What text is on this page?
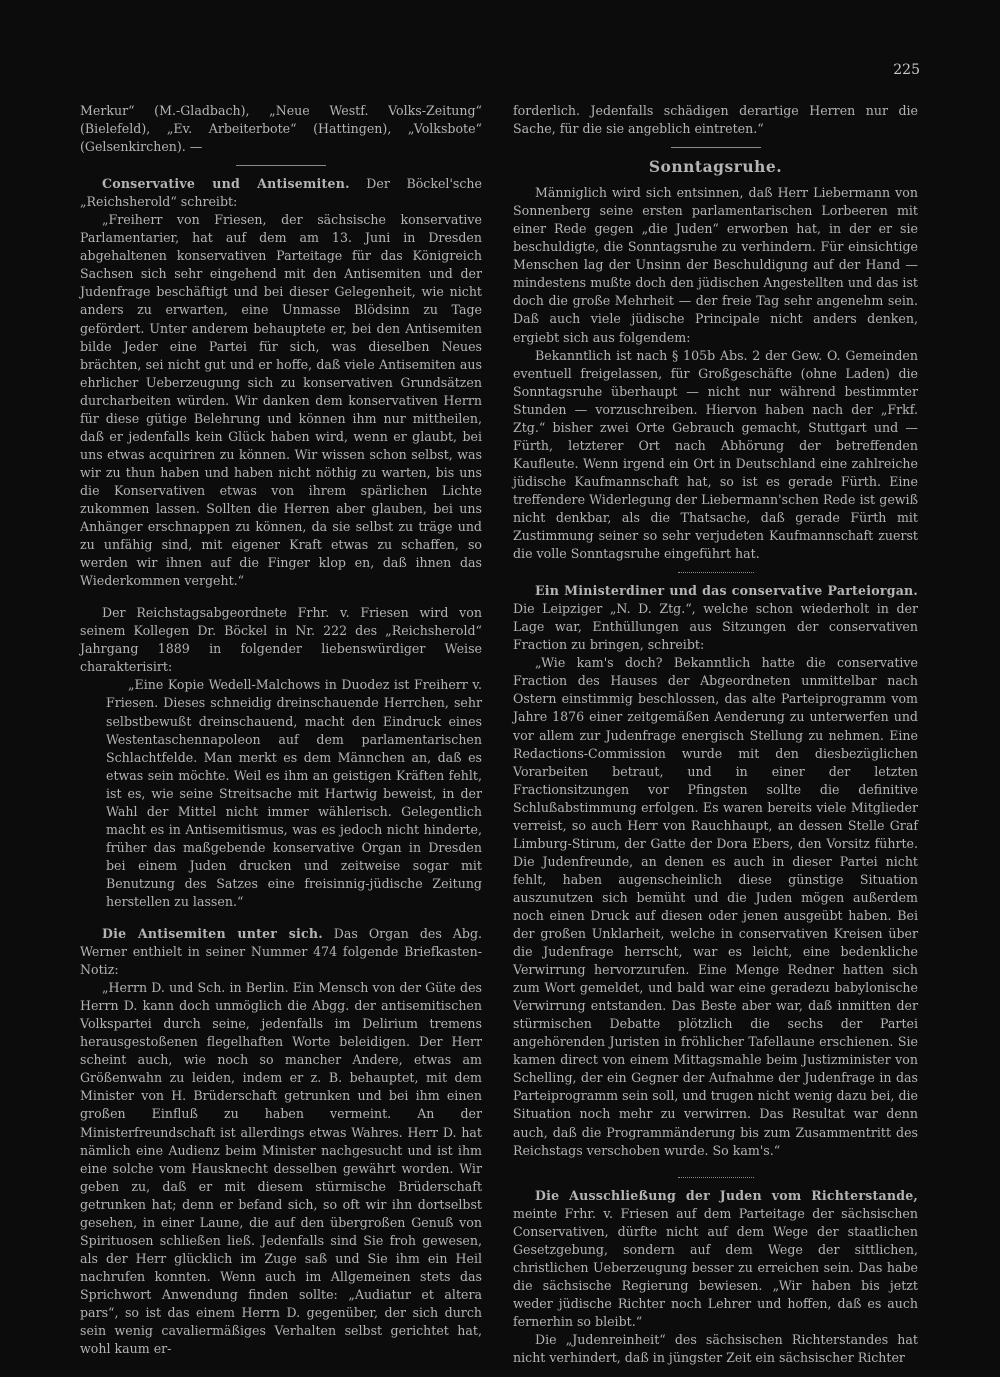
225

Merkur“ (M.-Gladbach), „Neue Westf. Volks-Zeitung“ (Bielefeld), „Ev. Arbeiterbote“ (Hattingen), „Volksbote“ (Gelsenkirchen). —

Conservative und Antisemiten. Der Böckel'sche „Reichsherold“ schreibt:

„Freiherr von Friesen, der sächsische konservative Parlamentarier, hat auf dem am 13. Juni in Dresden abgehaltenen konservativen Parteitage für das Königreich Sachsen sich sehr eingehend mit den Antisemiten und der Judenfrage beschäftigt und bei dieser Gelegenheit, wie nicht anders zu erwarten, eine Unmasse Blödsinn zu Tage gefördert. Unter anderem behauptete er, bei den Antisemiten bilde Jeder eine Partei für sich, was dieselben Neues brächten, sei nicht gut und er hoffe, daß viele Antisemiten aus ehrlicher Ueberzeugung sich zu konservativen Grundsätzen durcharbeiten würden. Wir danken dem konservativen Herrn für diese gütige Belehrung und können ihm nur mittheilen, daß er jedenfalls kein Glück haben wird, wenn er glaubt, bei uns etwas acquiriren zu können. Wir wissen schon selbst, was wir zu thun haben und haben nicht nöthig zu warten, bis uns die Konservativen etwas von ihrem spärlichen Lichte zukommen lassen. Sollten die Herren aber glauben, bei uns Anhänger erschnappen zu können, da sie selbst zu träge und zu unfähig sind, mit eigener Kraft etwas zu schaffen, so werden wir ihnen auf die Finger klop en, daß ihnen das Wiederkommen vergeht.“

Der Reichstagsabgeordnete Frhr. v. Friesen wird von seinem Kollegen Dr. Böckel in Nr. 222 des „Reichsherold“ Jahrgang 1889 in folgender liebenswürdiger Weise charakterisirt:

„Eine Kopie Wedell-Malchows in Duodez ist Freiherr v. Friesen. Dieses schneidig dreinschauende Herrchen, sehr selbstbewußt dreinschauend, macht den Eindruck eines Westentaschennapoleon auf dem parlamentarischen Schlachtfelde. Man merkt es dem Männchen an, daß es etwas sein möchte. Weil es ihm an geistigen Kräften fehlt, ist es, wie seine Streitsache mit Hartwig beweist, in der Wahl der Mittel nicht immer wählerisch. Gelegentlich macht es in Antisemitismus, was es jedoch nicht hinderte, früher das maßgebende konservative Organ in Dresden bei einem Juden drucken und zeitweise sogar mit Benutzung des Satzes eine freisinnig-jüdische Zeitung herstellen zu lassen.“

Die Antisemiten unter sich. Das Organ des Abg. Werner enthielt in seiner Nummer 474 folgende Briefkasten-Notiz:

„Herrn D. und Sch. in Berlin. Ein Mensch von der Güte des Herrn D. kann doch unmöglich die Abgg. der antisemitischen Volkspartei durch seine, jedenfalls im Delirium tremens herausgestoßenen flegelhaften Worte beleidigen. Der Herr scheint auch, wie noch so mancher Andere, etwas am Größenwahn zu leiden, indem er z. B. behauptet, mit dem Minister von H. Brüderschaft getrunken und bei ihm einen großen Einfluß zu haben vermeint. An der Ministerfreundschaft ist allerdings etwas Wahres. Herr D. hat nämlich eine Audienz beim Minister nachgesucht und ist ihm eine solche vom Hausknecht desselben gewährt worden. Wir geben zu, daß er mit diesem stürmische Brüderschaft getrunken hat; denn er befand sich, so oft wir ihn dortselbst gesehen, in einer Laune, die auf den übergroßen Genuß von Spirituosen schließen ließ. Jedenfalls sind Sie froh gewesen, als der Herr glücklich im Zuge saß und Sie ihm ein Heil nachrufen konnten. Wenn auch im Allgemeinen stets das Sprichwort Anwendung finden sollte: „Audiatur et altera pars“, so ist das einem Herrn D. gegenüber, der sich durch sein wenig cavaliermäßiges Verhalten selbst gerichtet hat, wohl kaum er-

forderlich. Jedenfalls schädigen derartige Herren nur die Sache, für die sie angeblich eintreten.“

Sonntagsruhe.

Männiglich wird sich entsinnen, daß Herr Liebermann von Sonnenberg seine ersten parlamentarischen Lorbeeren mit einer Rede gegen „die Juden“ erworben hat, in der er sie beschuldigte, die Sonntagsruhe zu verhindern. Für einsichtige Menschen lag der Unsinn der Beschuldigung auf der Hand — mindestens mußte doch den jüdischen Angestellten und das ist doch die große Mehrheit — der freie Tag sehr angenehm sein. Daß auch viele jüdische Principale nicht anders denken, ergiebt sich aus folgendem:

Bekanntlich ist nach § 105b Abs. 2 der Gew. O. Gemeinden eventuell freigelassen, für Großgeschäfte (ohne Laden) die Sonntagsruhe überhaupt — nicht nur während bestimmter Stunden — vorzuschreiben. Hiervon haben nach der „Frkf. Ztg.“ bisher zwei Orte Gebrauch gemacht, Stuttgart und — Fürth, letzterer Ort nach Abhörung der betreffenden Kaufleute. Wenn irgend ein Ort in Deutschland eine zahlreiche jüdische Kaufmannschaft hat, so ist es gerade Fürth. Eine treffendere Widerlegung der Liebermann'schen Rede ist gewiß nicht denkbar, als die Thatsache, daß gerade Fürth mit Zustimmung seiner so sehr verjudeten Kaufmannschaft zuerst die volle Sonntagsruhe eingeführt hat.

Ein Ministerdiner und das conservative Parteiorgan. Die Leipziger „N. D. Ztg.“, welche schon wiederholt in der Lage war, Enthüllungen aus Sitzungen der conservativen Fraction zu bringen, schreibt:

„Wie kam's doch? Bekanntlich hatte die conservative Fraction des Hauses der Abgeordneten unmittelbar nach Ostern einstimmig beschlossen, das alte Parteiprogramm vom Jahre 1876 einer zeitgemäßen Aenderung zu unterwerfen und vor allem zur Judenfrage energisch Stellung zu nehmen. Eine Redactions-Commission wurde mit den diesbezüglichen Vorarbeiten betraut, und in einer der letzten Fractionsitzungen vor Pfingsten sollte die definitive Schlußabstimmung erfolgen. Es waren bereits viele Mitglieder verreist, so auch Herr von Rauchhaupt, an dessen Stelle Graf Limburg-Stirum, der Gatte der Dora Ebers, den Vorsitz führte. Die Judenfreunde, an denen es auch in dieser Partei nicht fehlt, haben augenscheinlich diese günstige Situation auszunutzen sich bemüht und die Juden mögen außerdem noch einen Druck auf diesen oder jenen ausgeübt haben. Bei der großen Unklarheit, welche in conservativen Kreisen über die Judenfrage herrscht, war es leicht, eine bedenkliche Verwirrung hervorzurufen. Eine Menge Redner hatten sich zum Wort gemeldet, und bald war eine geradezu babylonische Verwirrung entstanden. Das Beste aber war, daß inmitten der stürmischen Debatte plötzlich die sechs der Partei angehörenden Juristen in fröhlicher Tafellaune erschienen. Sie kamen direct von einem Mittagsmahle beim Justizminister von Schelling, der ein Gegner der Aufnahme der Judenfrage in das Parteiprogramm sein soll, und trugen nicht wenig dazu bei, die Situation noch mehr zu verwirren. Das Resultat war denn auch, daß die Programmänderung bis zum Zusammentritt des Reichstags verschoben wurde. So kam's.“

Die Ausschließung der Juden vom Richterstande, meinte Frhr. v. Friesen auf dem Parteitage der sächsischen Conservativen, dürfte nicht auf dem Wege der staatlichen Gesetzgebung, sondern auf dem Wege der sittlichen, christlichen Ueberzeugung besser zu erreichen sein. Das habe die sächsische Regierung bewiesen. „Wir haben bis jetzt weder jüdische Richter noch Lehrer und hoffen, daß es auch fernerhin so bleibt.“

Die „Judenreinheit“ des sächsischen Richterstandes hat nicht verhindert, daß in jüngster Zeit ein sächsischer Richter
